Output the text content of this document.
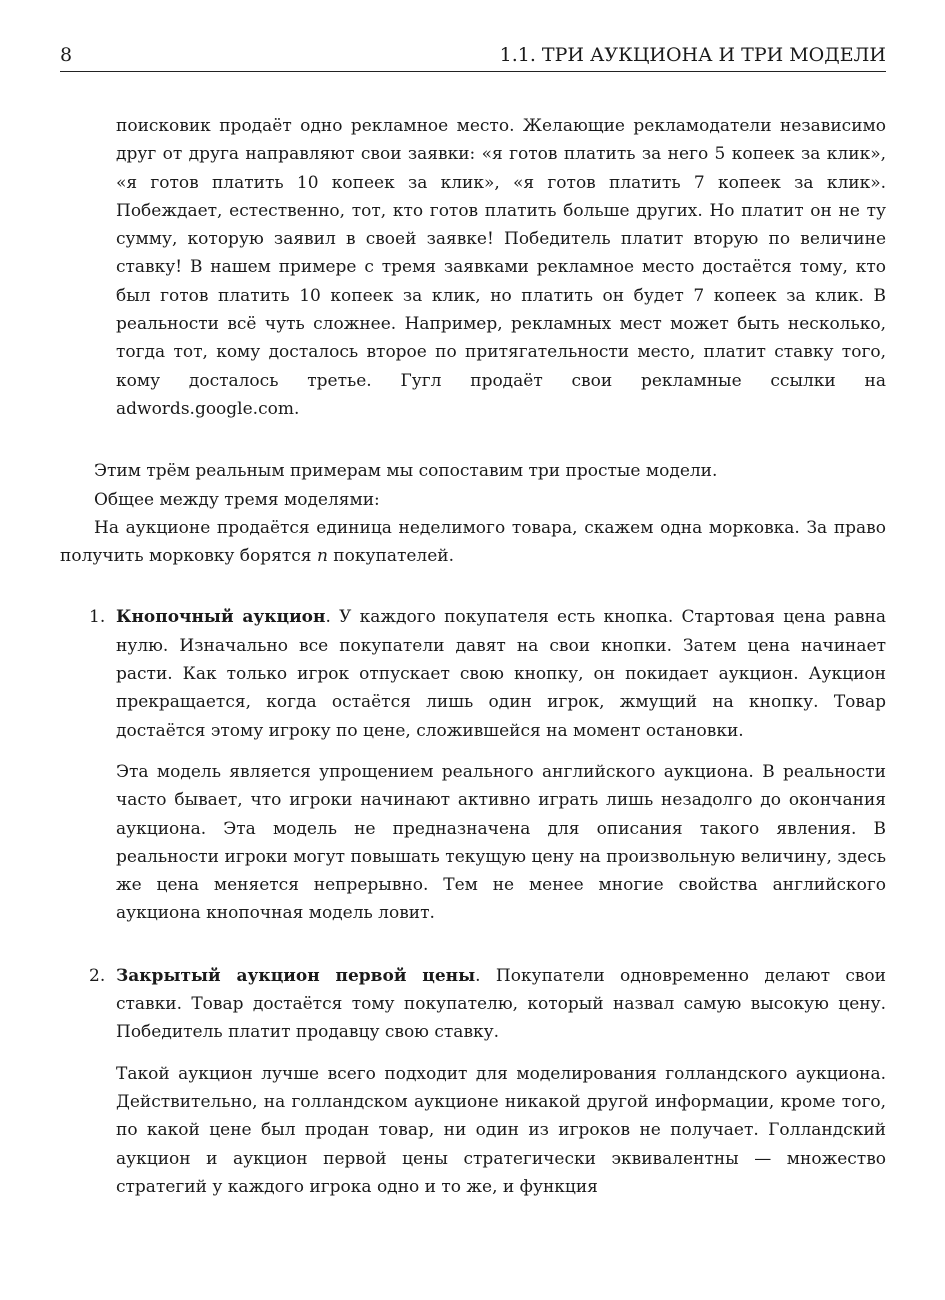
8	1.1. ТРИ АУКЦИОНА И ТРИ МОДЕЛИ
поисковик продаёт одно рекламное место. Желающие рекламодатели независимо друг от друга направляют свои заявки: «я готов платить за него 5 копеек за клик», «я готов платить 10 копеек за клик», «я готов платить 7 копеек за клик». Побеждает, естественно, тот, кто готов платить больше других. Но платит он не ту сумму, которую заявил в своей заявке! Победитель платит вторую по величине ставку! В нашем примере с тремя заявками рекламное место достаётся тому, кто был готов платить 10 копеек за клик, но платить он будет 7 копеек за клик. В реальности всё чуть сложнее. Например, рекламных мест может быть несколько, тогда тот, кому досталось второе по притягательности место, платит ставку того, кому досталось третье. Гугл продаёт свои рекламные ссылки на adwords.google.com.

Этим трём реальным примерам мы сопоставим три простые модели.

Общее между тремя моделями:

На аукционе продаётся единица неделимого товара, скажем одна морковка. За право получить морковку борятся n покупателей.

1. Кнопочный аукцион. У каждого покупателя есть кнопка. Стартовая цена равна нулю. Изначально все покупатели давят на свои кнопки. Затем цена начинает расти. Как только игрок отпускает свою кнопку, он покидает аукцион. Аукцион прекращается, когда остаётся лишь один игрок, жмущий на кнопку. Товар достаётся этому игроку по цене, сложившейся на момент остановки.

Эта модель является упрощением реального английского аукциона. В реальности часто бывает, что игроки начинают активно играть лишь незадолго до окончания аукциона. Эта модель не предназначена для описания такого явления. В реальности игроки могут повышать текущую цену на произвольную величину, здесь же цена меняется непрерывно. Тем не менее многие свойства английского аукциона кнопочная модель ловит.

2. Закрытый аукцион первой цены. Покупатели одновременно делают свои ставки. Товар достаётся тому покупателю, который назвал самую высокую цену. Победитель платит продавцу свою ставку.

Такой аукцион лучше всего подходит для моделирования голландского аукциона. Действительно, на голландском аукционе никакой другой информации, кроме того, по какой цене был продан товар, ни один из игроков не получает. Голландский аукцион и аукцион первой цены стратегически эквивалентны — множество стратегий у каждого игрока одно и то же, и функция
